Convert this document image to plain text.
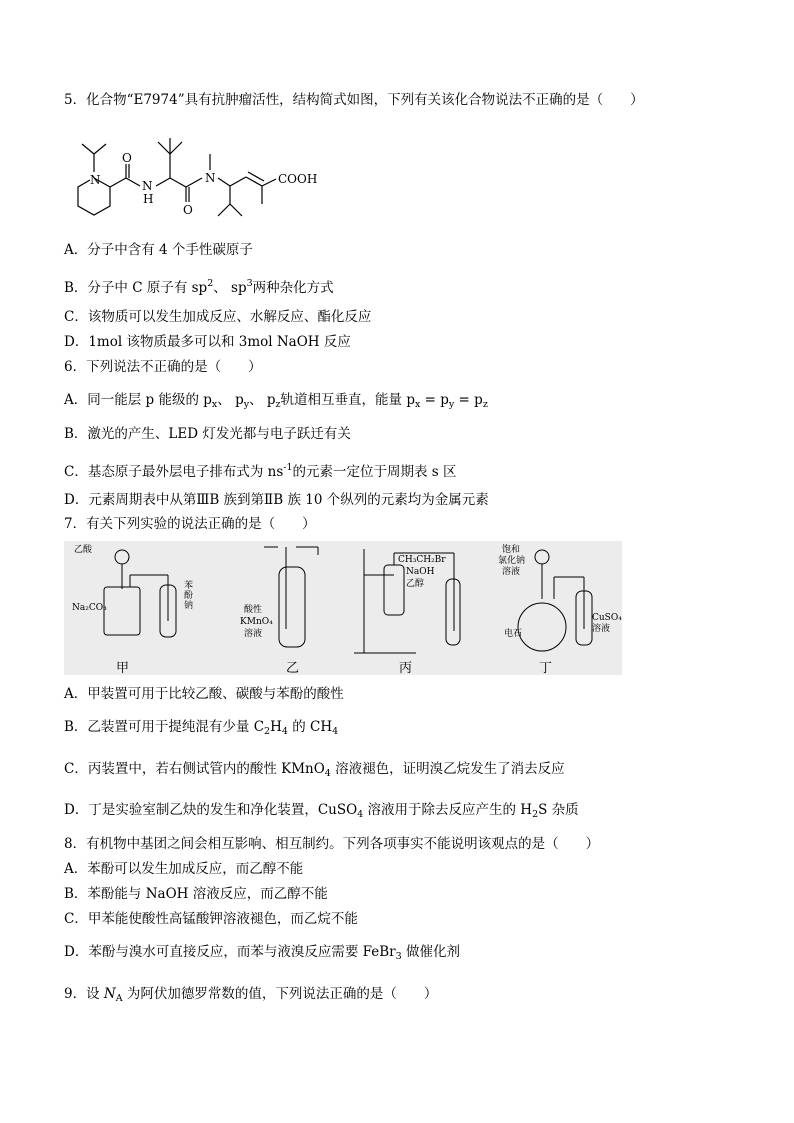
5．化合物“E7974”具有抗肿瘤活性，结构简式如图，下列有关该化合物说法不正确的是（　　）
N	N
H
O
O
N	COOH
A．分子中含有 4 个手性碳原子
B．分子中 C 原子有 $sp^2$、 $sp^3$两种杂化方式
C．该物质可以发生加成反应、水解反应、酯化反应
D．1mol 该物质最多可以和 3mol NaOH 反应
6．下列说法不正确的是（　　）
A．同一能层 p 能级的 $p_x$、 $p_y$、 $p_z$轨道相互垂直，能量 $p_x = p_y = p_z$
B．激光的产生、LED 灯发光都与电子跃迁有关
C．基态原子最外层电子排布式为 $ns^{-1}$的元素一定位于周期表 s 区
D．元素周期表中从第ⅢB 族到第ⅡB 族 10 个纵列的元素均为金属元素
7．有关下列实验的说法正确的是（　　）
乙酸
Na₂CO₃
苯酚钠	酸性
KMnO₄
溶液
CH₃CH₂Br
NaOH
乙醇
饱和
氯化钠
溶液
电石
CuSO₄
溶液
甲	乙	丙	丁
A．甲装置可用于比较乙酸、碳酸与苯酚的酸性
B．乙装置可用于提纯混有少量 $C_2H_4$ 的 $CH_4$
C．丙装置中，若右侧试管内的酸性 KMnO$_4$ 溶液褪色，证明溴乙烷发生了消去反应
D．丁是实验室制乙炔的发生和净化装置，CuSO$_4$ 溶液用于除去反应产生的 $H_2S$ 杂质
8．有机物中基团之间会相互影响、相互制约。下列各项事实不能说明该观点的是（　　）
A．苯酚可以发生加成反应，而乙醇不能
B．苯酚能与 NaOH 溶液反应，而乙醇不能
C．甲苯能使酸性高锰酸钾溶液褪色，而乙烷不能
D．苯酚与溴水可直接反应，而苯与液溴反应需要 FeBr$_3$ 做催化剂
9．设 $N_A$ 为阿伏加德罗常数的值，下列说法正确的是（　　）
